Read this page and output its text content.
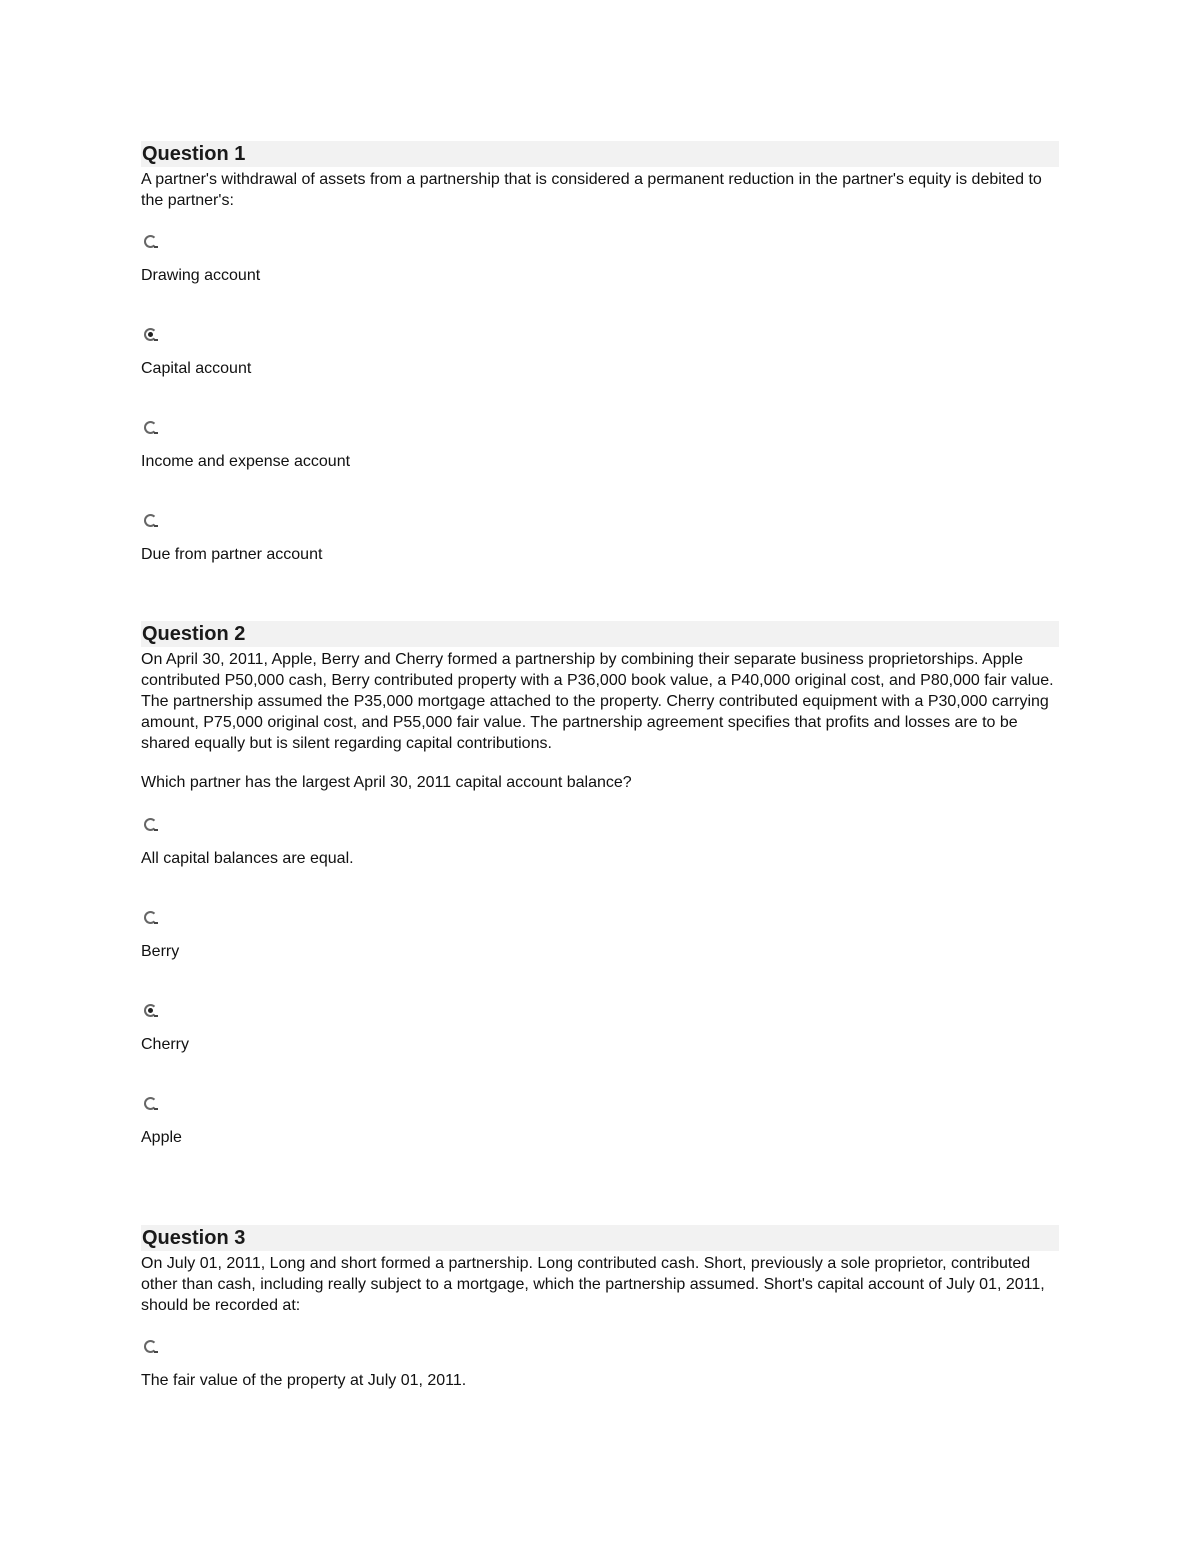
Question 1

A partner's withdrawal of assets from a partnership that is considered a permanent reduction in the partner's equity is debited to the partner's:

Drawing account
Capital account
Income and expense account
Due from partner account
Question 2

On April 30, 2011, Apple, Berry and Cherry formed a partnership by combining their separate business proprietorships. Apple contributed P50,000 cash, Berry contributed property with a P36,000 book value, a P40,000 original cost, and P80,000 fair value. The partnership assumed the P35,000 mortgage attached to the property. Cherry contributed equipment with a P30,000 carrying amount, P75,000 original cost, and P55,000 fair value. The partnership agreement specifies that profits and losses are to be shared equally but is silent regarding capital contributions.

Which partner has the largest April 30, 2011 capital account balance?

All capital balances are equal.
Berry
Cherry
Apple
Question 3

On July 01, 2011, Long and short formed a partnership. Long contributed cash. Short, previously a sole proprietor, contributed other than cash, including really subject to a mortgage, which the partnership assumed. Short's capital account of July 01, 2011, should be recorded at:

The fair value of the property at July 01, 2011.
